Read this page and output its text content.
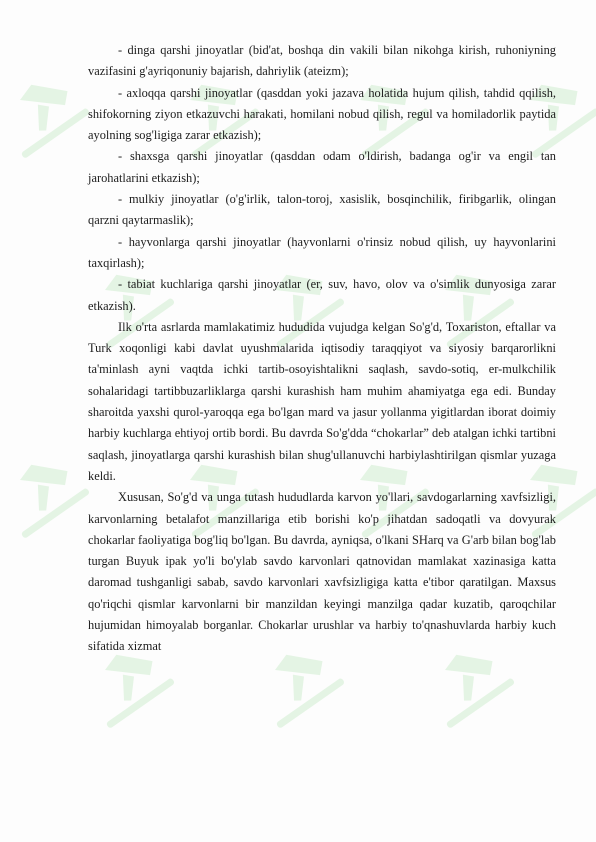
- dinga qarshi jinoyatlar (bid'at, boshqa din vakili bilan nikohga kirish, ruhoniyning vazifasini g'ayriqonuniy bajarish, dahriylik (ateizm);

- axloqqa qarshi jinoyatlar (qasddan yoki jazava holatida hujum qilish, tahdid qqilish, shifokorning ziyon etkazuvchi harakati, homilani nobud qilish, regul va homiladorlik paytida ayolning sog'ligiga zarar etkazish);

- shaxsga qarshi jinoyatlar (qasddan odam o'ldirish, badanga og'ir va engil tan jarohatlarini etkazish);

- mulkiy jinoyatlar (o'g'irlik, talon-toroj, xasislik, bosqinchilik, firibgarlik, olingan qarzni qaytarmaslik);

- hayvonlarga qarshi jinoyatlar (hayvonlarni o'rinsiz nobud qilish, uy hayvonlarini taxqirlash);

- tabiat kuchlariga qarshi jinoyatlar (er, suv, havo, olov va o'simlik dunyosiga zarar etkazish).

Ilk o'rta asrlarda mamlakatimiz hududida vujudga kelgan So'g'd, Toxariston, eftallar va Turk xoqonligi kabi davlat uyushmalarida iqtisodiy taraqqiyot va siyosiy barqarorlikni ta'minlash ayni vaqtda ichki tartib-osoyishtalikni saqlash, savdo-sotiq, er-mulkchilik sohalaridagi tartibbuzarliklarga qarshi kurashish ham muhim ahamiyatga ega edi. Bunday sharoitda yaxshi qurol-yaroqqa ega bo'lgan mard va jasur yollanma yigitlardan iborat doimiy harbiy kuchlarga ehtiyoj ortib bordi. Bu davrda So'g'dda “chokarlar” deb atalgan ichki tartibni saqlash, jinoyatlarga qarshi kurashish bilan shug'ullanuvchi harbiylashtirilgan qismlar yuzaga keldi.

Xususan, So'g'd va unga tutash hududlarda karvon yo'llari, savdogarlarning xavfsizligi, karvonlarning betalafot manzillariga etib borishi ko'p jihatdan sadoqatli va dovyurak chokarlar faoliyatiga bog'liq bo'lgan. Bu davrda, ayniqsa, o'lkani SHarq va G'arb bilan bog'lab turgan Buyuk ipak yo'li bo'ylab savdo karvonlari qatnovidan mamlakat xazinasiga katta daromad tushganligi sabab, savdo karvonlari xavfsizligiga katta e'tibor qaratilgan. Maxsus qo'riqchi qismlar karvonlarni bir manzildan keyingi manzilga qadar kuzatib, qaroqchilar hujumidan himoyalab borganlar. Chokarlar urushlar va harbiy to'qnashuvlarda harbiy kuch sifatida xizmat
